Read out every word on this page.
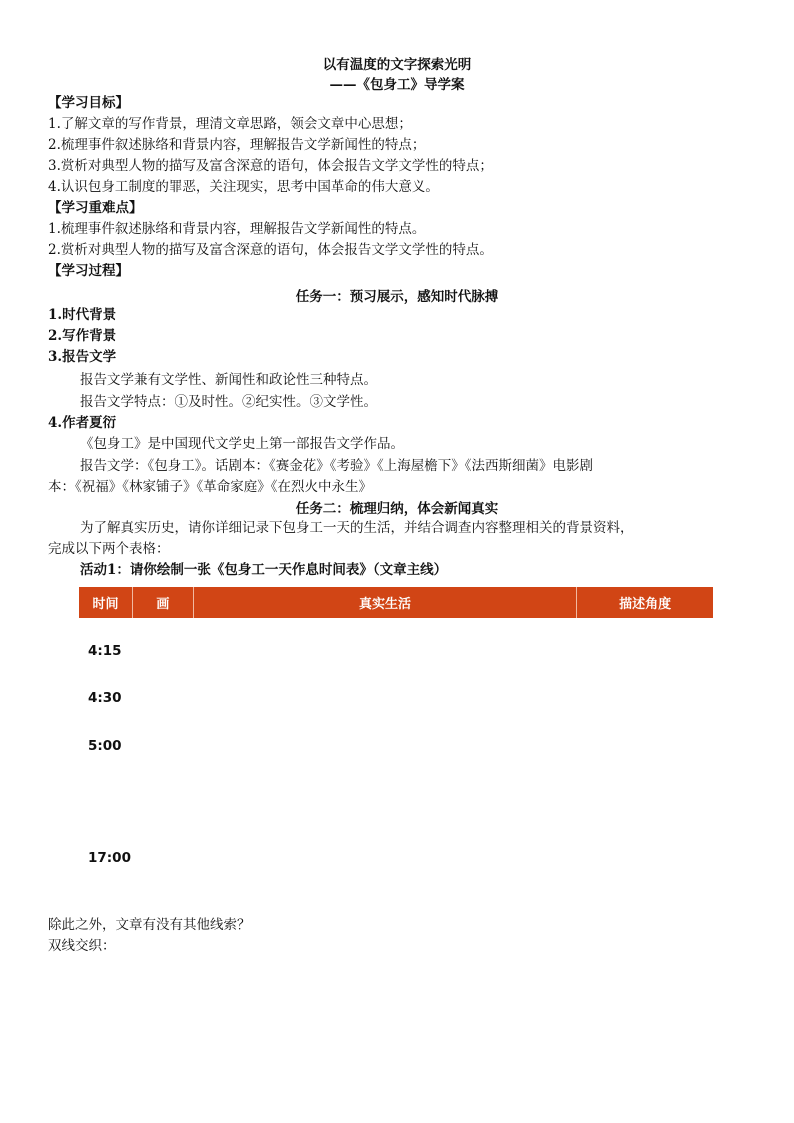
以有温度的文字探索光明
——《包身工》导学案
【学习目标】
1.了解文章的写作背景，理清文章思路，领会文章中心思想；
2.梳理事件叙述脉络和背景内容，理解报告文学新闻性的特点；
3.赏析对典型人物的描写及富含深意的语句，体会报告文学文学性的特点；
4.认识包身工制度的罪恶，关注现实，思考中国革命的伟大意义。
【学习重难点】
1.梳理事件叙述脉络和背景内容，理解报告文学新闻性的特点。
2.赏析对典型人物的描写及富含深意的语句，体会报告文学文学性的特点。
【学习过程】
任务一：预习展示，感知时代脉搏
1.时代背景
2.写作背景
3.报告文学
报告文学兼有文学性、新闻性和政论性三种特点。
报告文学特点：①及时性。②纪实性。③文学性。
4.作者夏衍
《包身工》是中国现代文学史上第一部报告文学作品。
报告文学：《包身工》。话剧本：《赛金花》《考验》《上海屋檐下》《法西斯细菌》电影剧
本：《祝福》《林家铺子》《革命家庭》《在烈火中永生》
任务二：梳理归纳，体会新闻真实
为了解真实历史，请你详细记录下包身工一天的生活，并结合调查内容整理相关的背景资料，
完成以下两个表格：
活动1：请你绘制一张《包身工一天作息时间表》（文章主线）
时间	画	真实生活	描述角度
4:15
4:30
5:00
17:00
除此之外，文章有没有其他线索？
双线交织：
